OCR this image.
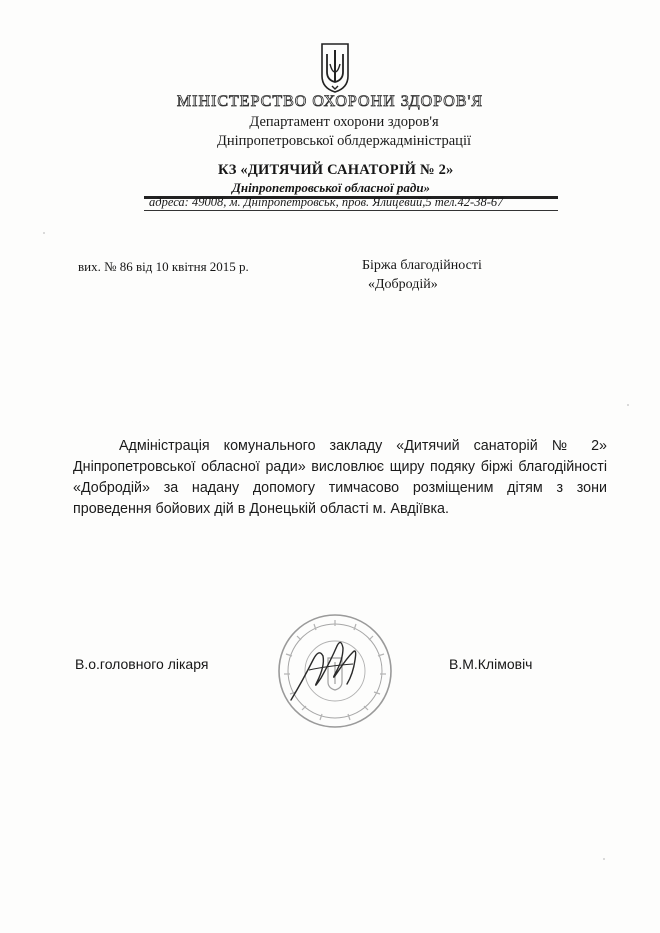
МІНІСТЕРСТВО ОХОРОНИ ЗДОРОВ'Я
Департамент охорони здоров'я
Дніпропетровської облдержадміністрації
КЗ «ДИТЯЧИЙ САНАТОРІЙ № 2»
Дніпропетровської обласної ради»
адреса: 49008, м. Дніпропетровськ, пров. Ялицевий,5 тел.42-38-67
вих. № 86 від 10 квітня 2015 р.	Біржа благодійності
«Добродій»
Адміністрація комунального закладу «Дитячий санаторій № 2» Дніпропетровської обласної ради» висловлює щиру подяку біржі благодійності «Добродій» за надану допомогу тимчасово розміщеним дітям з зони проведення бойових дій в Донецькій області м. Авдіївка.
В.о.головного лікаря	В.М.Клімовіч
